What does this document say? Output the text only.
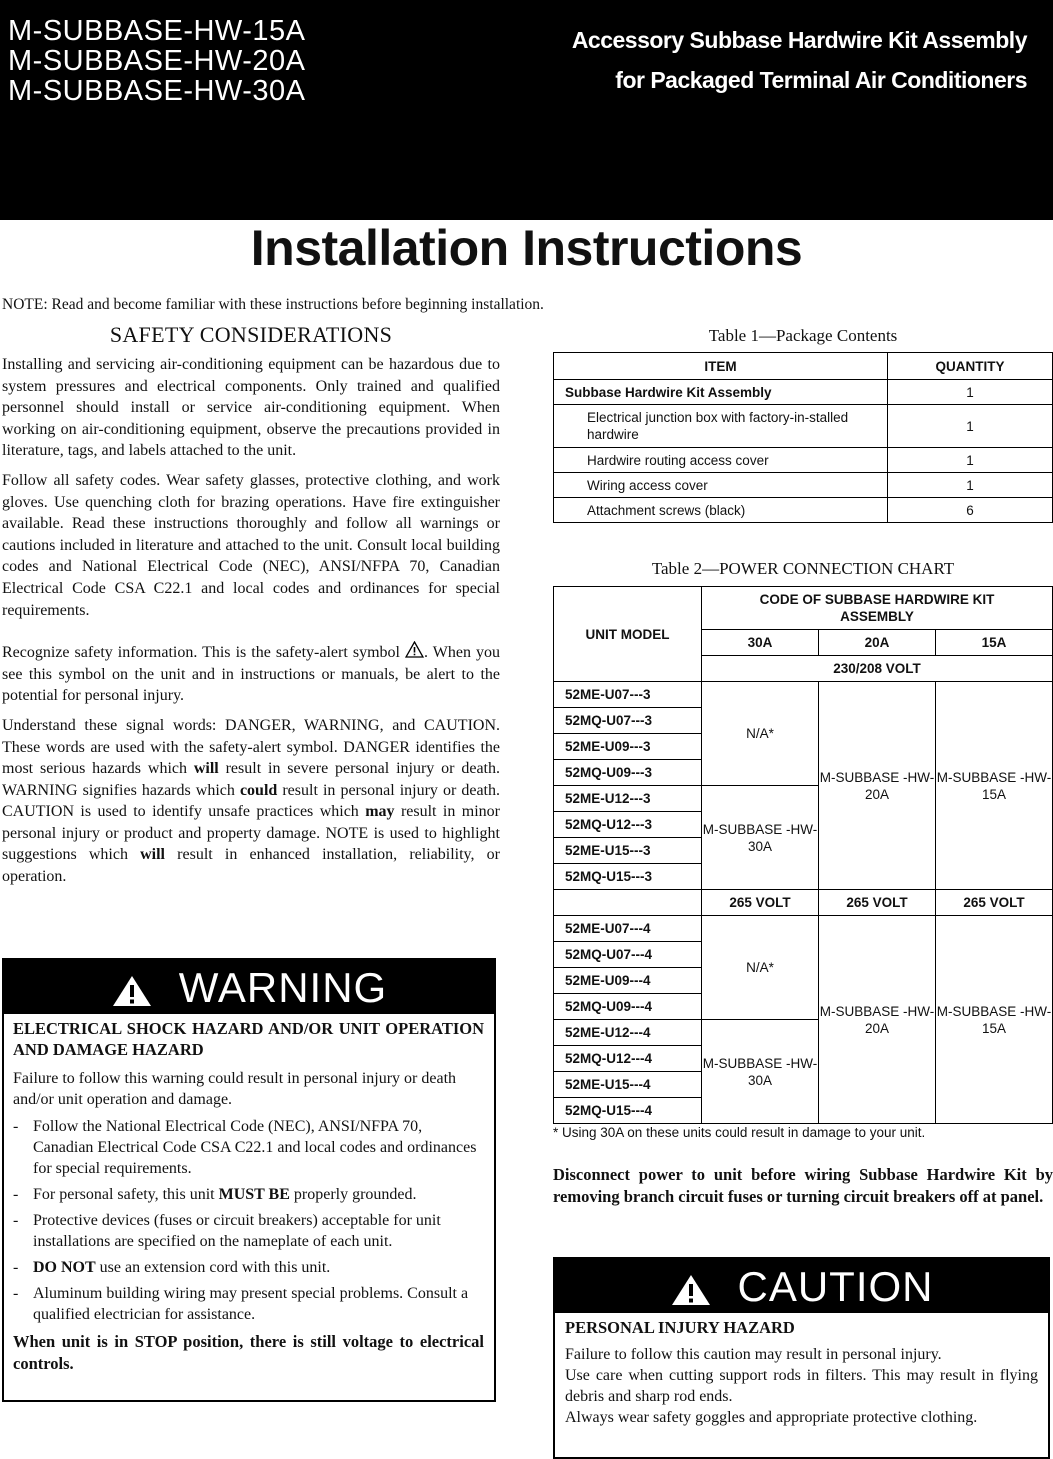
M-SUBBASE-HW-15A
M-SUBBASE-HW-20A
M-SUBBASE-HW-30A
Accessory Subbase Hardwire Kit Assembly
for Packaged Terminal Air Conditioners
Installation Instructions
NOTE: Read and become familiar with these instructions before beginning installation.
SAFETY CONSIDERATIONS

Installing and servicing air-conditioning equipment can be hazardous due to system pressures and electrical components. Only trained and qualified personnel should install or service air-conditioning equipment. When working on air-conditioning equipment, observe the precautions provided in literature, tags, and labels attached to the unit.

Follow all safety codes. Wear safety glasses, protective clothing, and work gloves. Use quenching cloth for brazing operations. Have fire extinguisher available. Read these instructions thoroughly and follow all warnings or cautions included in literature and attached to the unit. Consult local building codes and National Electrical Code (NEC), ANSI/NFPA 70, Canadian Electrical Code CSA C22.1 and local codes and ordinances for special requirements.

Recognize safety information. This is the safety-alert symbol . When you see this symbol on the unit and in instructions or manuals, be alert to the potential for personal injury.

Understand these signal words: DANGER, WARNING, and CAUTION. These words are used with the safety-alert symbol. DANGER identifies the most serious hazards which will result in severe personal injury or death. WARNING signifies hazards which could result in personal injury or death. CAUTION is used to identify unsafe practices which may result in minor personal injury or product and property damage. NOTE is used to highlight suggestions which will result in enhanced installation, reliability, or operation.

WARNING
ELECTRICAL SHOCK HAZARD AND/OR UNIT OPERATION AND DAMAGE HAZARD

Failure to follow this warning could result in personal injury or death and/or unit operation and damage.

- Follow the National Electrical Code (NEC), ANSI/NFPA 70, Canadian Electrical Code CSA C22.1 and local codes and ordinances for special requirements.
- For personal safety, this unit MUST BE properly grounded.
- Protective devices (fuses or circuit breakers) acceptable for unit installations are specified on the nameplate of each unit.
- DO NOT use an extension cord with this unit.
- Aluminum building wiring may present special problems. Consult a qualified electrician for assistance.
When unit is in STOP position, there is still voltage to electrical controls.
Table 1—Package Contents
ITEM	QUANTITY
Subbase Hardwire Kit Assembly	1
Electrical junction box with factory-in-stalled hardwire	1
Hardwire routing access cover	1
Wiring access cover	1
Attachment screws (black)	6
Table 2—POWER CONNECTION CHART
UNIT MODEL	CODE OF SUBBASE HARDWIRE KIT ASSEMBLY		
	30A	20A	15A
	230/208 VOLT		
52ME-U07---3	N/A*	M-SUBBASE -HW-20A	M-SUBBASE -HW-15A
52MQ-U07---3			
52ME-U09---3			
52MQ-U09---3			
52ME-U12---3	M-SUBBASE -HW-30A		
52MQ-U12---3			
52ME-U15---3			
52MQ-U15---3			
	265 VOLT	265 VOLT	265 VOLT
52ME-U07---4	N/A*	M-SUBBASE -HW-20A	M-SUBBASE -HW-15A
52MQ-U07---4			
52ME-U09---4			
52MQ-U09---4			
52ME-U12---4	M-SUBBASE -HW-30A		
52MQ-U12---4			
52ME-U15---4			
52MQ-U15---4			
* Using 30A on these units could result in damage to your unit.
Disconnect power to unit before wiring Subbase Hardwire Kit by removing branch circuit fuses or turning circuit breakers off at panel.
CAUTION
PERSONAL INJURY HAZARD

Failure to follow this caution may result in personal injury.

Use care when cutting support rods in filters. This may result in flying debris and sharp rod ends.

Always wear safety goggles and appropriate protective clothing.
